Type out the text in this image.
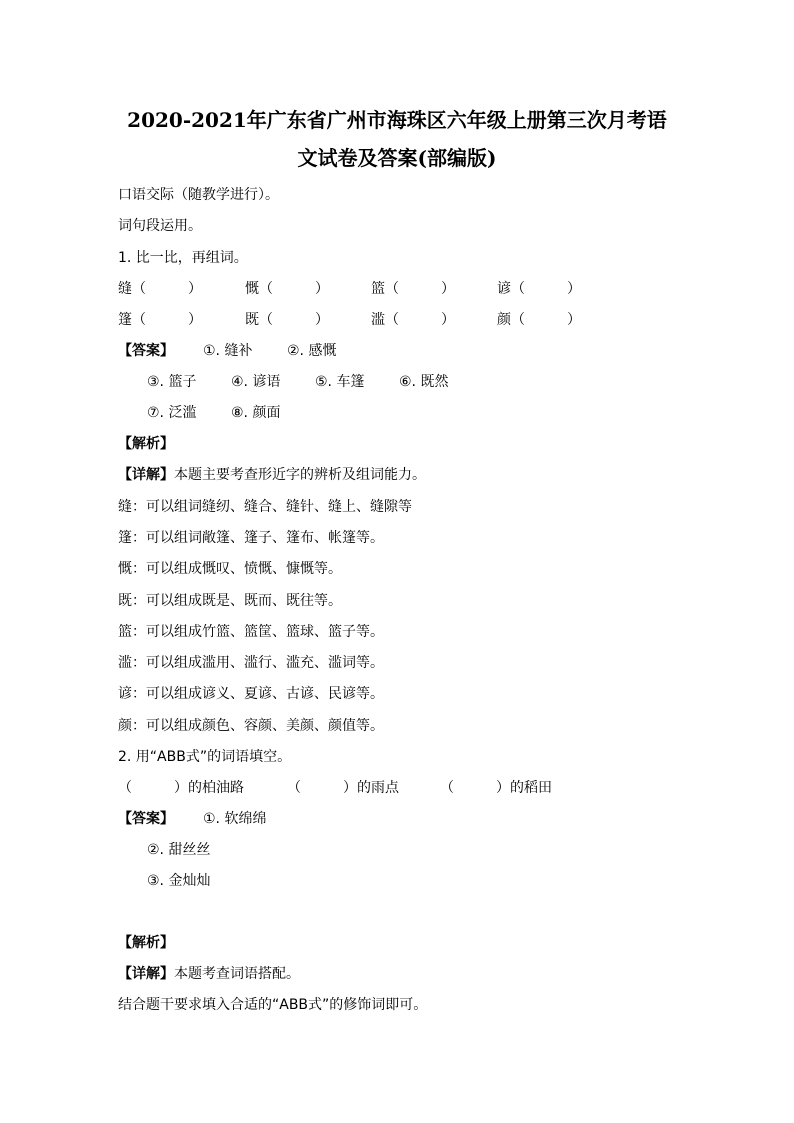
2020-2021年广东省广州市海珠区六年级上册第三次月考语
文试卷及答案(部编版)
口语交际（随教学进行）。
词句段运用。
1. 比一比，再组词。
缝（　　　）	慨（　　　）	篮（　　　）	谚（　　　）
篷（　　　）	既（　　　）	滥（　　　）	颜（　　　）
【答案】 ①. 缝补 ②. 感慨
③. 篮子 ④. 谚语 ⑤. 车篷 ⑥. 既然
⑦. 泛滥 ⑧. 颜面
【解析】
【详解】本题主要考查形近字的辨析及组词能力。
缝：可以组词缝纫、缝合、缝针、缝上、缝隙等
篷：可以组词敞篷、篷子、篷布、帐篷等。
慨：可以组成慨叹、愤慨、慷慨等。
既：可以组成既是、既而、既往等。
篮：可以组成竹篮、篮筐、篮球、篮子等。
滥：可以组成滥用、滥行、滥充、滥词等。
谚：可以组成谚义、夏谚、古谚、民谚等。
颜：可以组成颜色、容颜、美颜、颜值等。
2. 用“ABB式”的词语填空。
（　　　）的柏油路	（　　　）的雨点	（　　　）的稻田
【答案】 ①. 软绵绵
②. 甜丝丝
③. 金灿灿
【解析】
【详解】本题考查词语搭配。
结合题干要求填入合适的“ABB式”的修饰词即可。
